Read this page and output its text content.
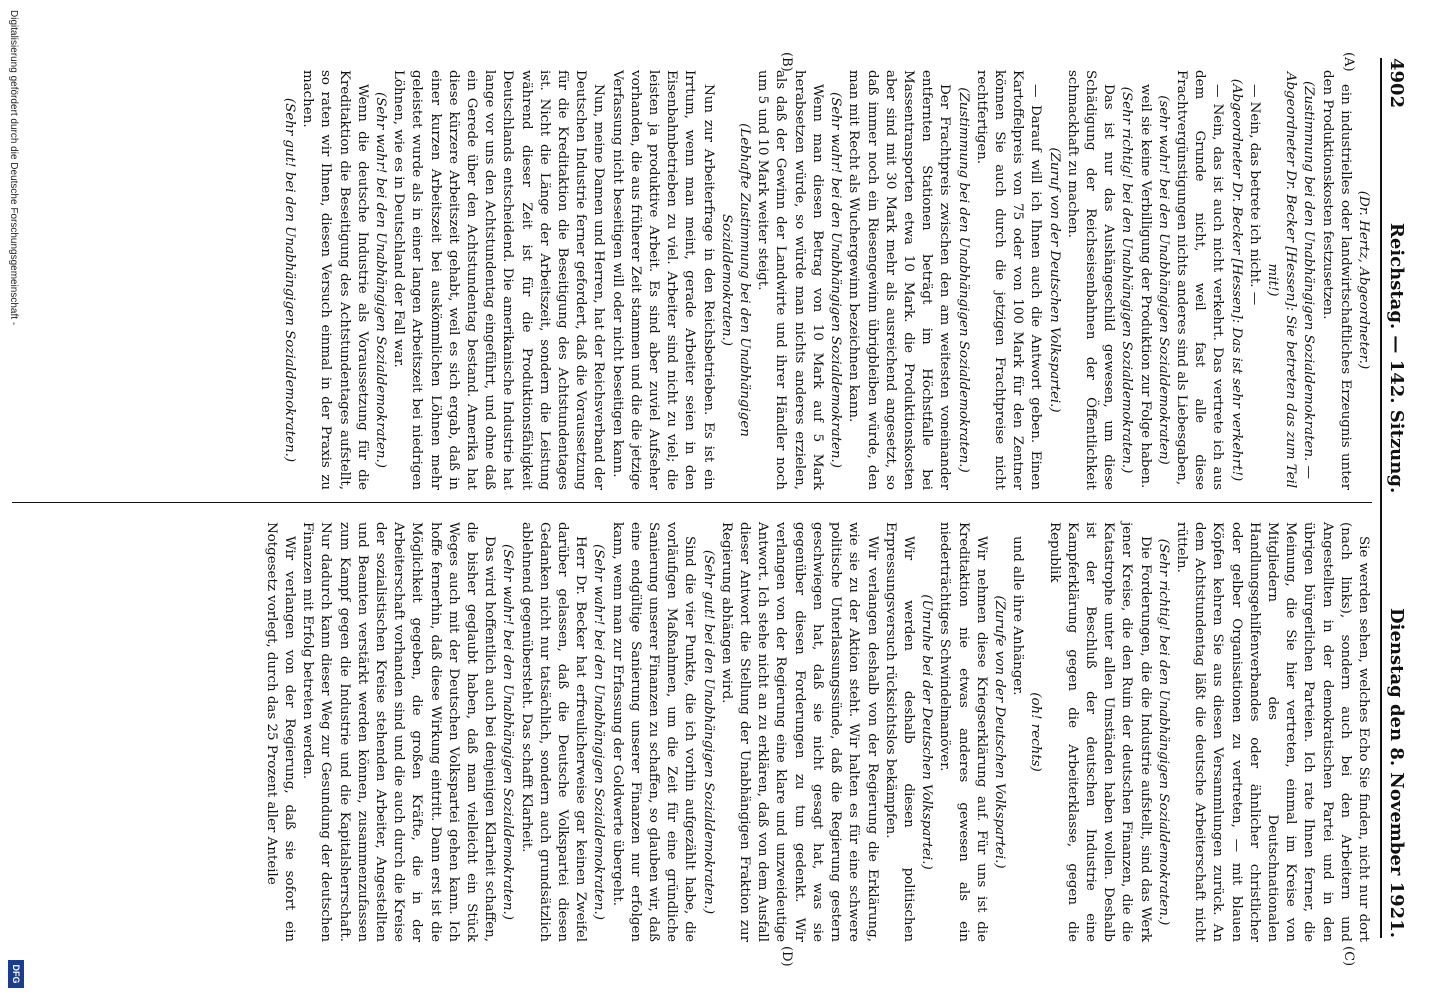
4902
Reichstag. — 142. Sitzung.
Dienstag den 8. November 1921.
(A)
(B)
(C)
(D)

(Dr. Hertz, Abgeordneter.)

ein industrielles oder landwirtschaftliches Erzeugnis unter den Produktionskosten festzusetzen.

(Zustimmung bei den Unabhängigen Sozialdemokraten. — Abgeordneter Dr. Becker [Hessen]: Sie betreten das zum Teil mit!)

— Nein, das betrete ich nicht. —

(Abgeordneter Dr. Becker [Hessen]: Das ist sehr verkehrt!)

— Nein, das ist auch nicht verkehrt. Das vertrete ich aus dem Grunde nicht, weil fast alle diese Frachtvergünstigungen nichts anderes sind als Liebesgaben,

(sehr wahr! bei den Unabhängigen Sozialdemokraten)

weil sie keine Verbilligung der Produktion zur Folge haben.

(Sehr richtig! bei den Unabhängigen Sozialdemokraten.)

Das ist nur das Aushängeschild gewesen, um diese Schädigung der Reichseisenbahnen der Öffentlichkeit schmackhaft zu machen.

(Zuruf von der Deutschen Volkspartei.)

— Darauf will ich Ihnen auch die Antwort geben. Einen Kartoffelpreis von 75 oder von 100 Mark für den Zentner können Sie auch durch die jetzigen Frachtpreise nicht rechtfertigen.

(Zustimmung bei den Unabhängigen Sozialdemokraten.)

Der Frachtpreis zwischen den am weitesten voneinander entfernten Stationen beträgt im Höchstfalle bei Massentransporten etwa 10 Mark. die Produktionskosten aber sind mit 30 Mark mehr als ausreichend angesetzt, so daß immer noch ein Riesengewinn übrigbleiben würde, den man mit Recht als Wuchergewinn bezeichnen kann.

(Sehr wahr! bei den Unabhängigen Sozialdemokraten.)

Wenn man diesen Betrag von 10 Mark auf 5 Mark herabsetzen würde, so würde man nichts anderes erzielen, als daß der Gewinn der Landwirte und ihrer Händler noch um 5 und 10 Mark weiter steigt.

(Lebhafte Zustimmung bei den Unabhängigen Sozialdemokraten.)

Nun zur Arbeiterfrage in den Reichsbetrieben. Es ist ein Irrtum, wenn man meint, gerade Arbeiter seien in den Eisenbahnbetrieben zu viel. Arbeiter sind nicht zu viel; die leisten ja produktive Arbeit. Es sind aber zuviel Aufseher vorhanden, die aus früherer Zeit stammen und die die jetzige Verfassung nicht beseitigen will oder nicht beseitigen kann.

Nun, meine Damen und Herren, hat der Reichsverband der Deutschen Industrie ferner gefordert, daß die Voraussetzung für die Kreditaktion die Beseitigung des Achtstundentages ist. Nicht die Länge der Arbeitszeit, sondern die Leistung während dieser Zeit ist für die Produktionsfähigkeit Deutschlands entscheidend. Die amerikanische Industrie hat lange vor uns den Achtstundentag eingeführt, und ohne daß ein Gerede über den Achtstundentag bestand. Amerika hat diese kürzere Arbeitszeit gehabt, weil es sich ergab, daß in einer kurzen Arbeitszeit bei auskömmlichen Löhnen mehr geleistet wurde als in einer langen Arbeitszeit bei niedrigen Löhnen, wie es in Deutschland der Fall war.

(Sehr wahr! bei den Unabhängigen Sozialdemokraten.)

Wenn die deutsche Industrie als Voraussetzung für die Kreditaktion die Beseitigung des Achtstundentages aufstellt, so raten wir Ihnen, diesen Versuch einmal in der Praxis zu machen.

(Sehr gut! bei den Unabhängigen Sozialdemokraten.)

Sie werden sehen, welches Echo Sie finden, nicht nur dort (nach links), sondern auch bei den Arbeitern und Angestellten in der demokratischen Partei und in den übrigen bürgerlichen Parteien. Ich rate Ihnen ferner, die Meinung, die Sie hier vertreten, einmal im Kreise von Mitgliedern des Deutschnationalen Handlungsgehilfenverbandes oder ähnlicher christlicher oder gelber Organisationen zu vertreten, — mit blauen Köpfen kehren Sie aus diesen Versammlungen zurück. An dem Achtstundentag läßt die deutsche Arbeiterschaft nicht rütteln.

(Sehr richtig! bei den Unabhängigen Sozialdemokraten.)

Die Forderungen, die die Industrie aufstellt, sind das Werk jener Kreise, die den Ruin der deutschen Finanzen, die die Katastrophe unter allen Umständen haben wollen. Deshalb ist der Beschluß der deutschen Industrie eine Kampferklärung gegen die Arbeiterklasse, gegen die Republik

(oh! rechts)

und alle ihre Anhänger.

(Zurufe von der Deutschen Volkspartei.)

Wir nehmen diese Kriegserklärung auf. Für uns ist die Kreditaktion nie etwas anderes gewesen als ein niederträchtiges Schwindelmanöver.

(Unruhe bei der Deutschen Volkspartei.)

Wir werden deshalb diesen politischen Erpressungsversuch rücksichtslos bekämpfen.

Wir verlangen deshalb von der Regierung die Erklärung, wie sie zu der Aktion steht. Wir halten es für eine schwere politische Unterlassungssünde, daß die Regierung gestern geschwiegen hat, daß sie nicht gesagt hat, was sie gegenüber diesen Forderungen zu tun gedenkt. Wir verlangen von der Regierung eine klare und unzweideutige Antwort. Ich stehe nicht an zu erklären, daß von dem Ausfall dieser Antwort die Stellung der Unabhängigen Fraktion zur Regierung abhängen wird.

(Sehr gut! bei den Unabhängigen Sozialdemokraten.)

Sind die vier Punkte, die ich vorhin aufgezählt habe, die vorläufigen Maßnahmen, um die Zeit für eine gründliche Sanierung unserer Finanzen zu schaffen, so glauben wir, daß eine endgültige Sanierung unserer Finanzen nur erfolgen kann, wenn man zur Erfassung der Goldwerte übergeht.

(Sehr wahr! bei den Unabhängigen Sozialdemokraten.)

Herr Dr. Becker hat erfreulicherweise gar keinen Zweifel darüber gelassen, daß die Deutsche Volkspartei diesen Gedanken nicht nur tatsächlich, sondern auch grundsätzlich ablehnend gegenübersteht. Das schafft Klarheit.

(Sehr wahr! bei den Unabhängigen Sozialdemokraten.)

Das wird hoffentlich auch bei denjenigen Klarheit schaffen, die bisher geglaubt haben, daß man vielleicht ein Stück Weges auch mit der Deutschen Volkspartei gehen kann. Ich hoffe fernerhin, daß diese Wirkung eintritt. Dann erst ist die Möglichkeit gegeben, die großen Kräfte, die in der Arbeiterschaft vorhanden sind und die auch durch die Kreise der sozialistischen Kreise stehenden Arbeiter, Angestellten und Beamten verstärkt werden können, zusammenzufassen zum Kampf gegen die Industrie und die Kapitalsherrschaft. Nur dadurch kann dieser Weg zur Gesundung der deutschen Finanzen mit Erfolg betreten werden.

Wir verlangen von der Regierung, daß sie sofort ein Notgesetz vorlegt, durch das 25 Prozent aller Anteile

Digitalisierung gefördert durch die Deutsche Forschungsgemeinschaft -
DFG
